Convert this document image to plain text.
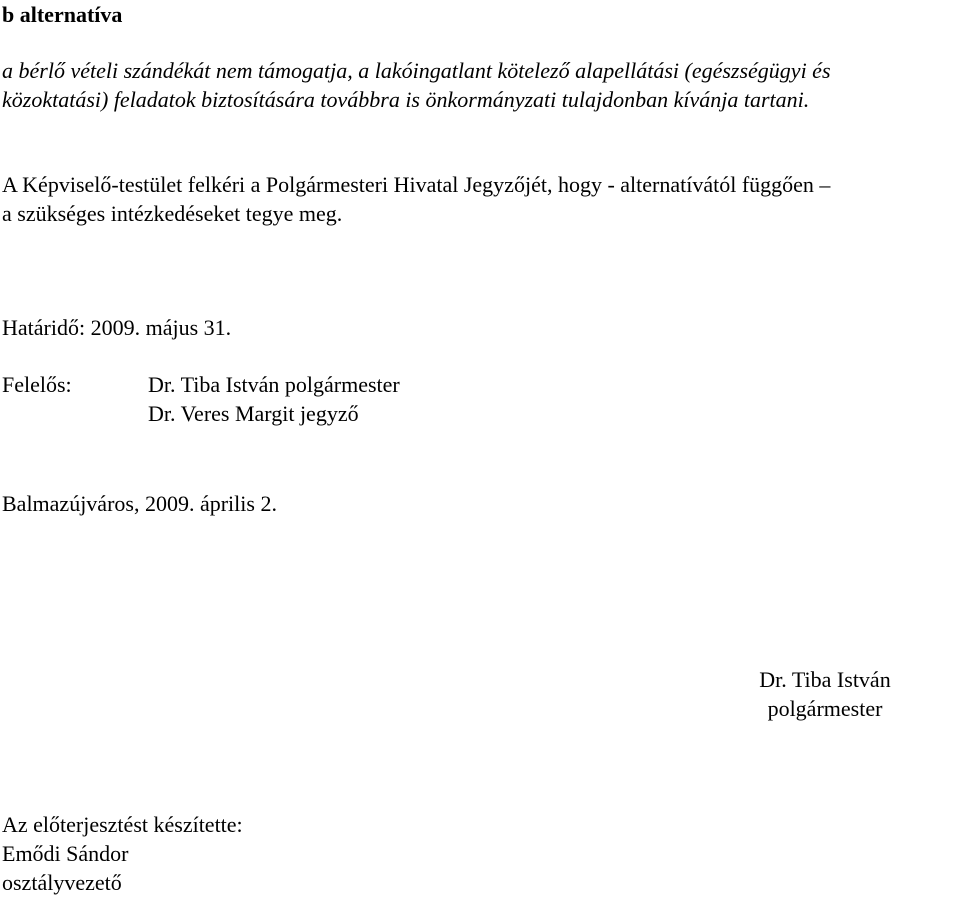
b alternatíva
a bérlő vételi szándékát nem támogatja, a lakóingatlant kötelező alapellátási (egészségügyi és
közoktatási) feladatok biztosítására továbbra is önkormányzati tulajdonban kívánja tartani.
A Képviselő-testület felkéri a Polgármesteri Hivatal Jegyzőjét, hogy - alternatívától függően –
a szükséges intézkedéseket tegye meg.
Határidő: 2009. május 31.
Felelős:	Dr. Tiba István polgármester
Dr. Veres Margit jegyző
Balmazújváros, 2009. április 2.
Dr. Tiba István
polgármester
Az előterjesztést készítette:
Emődi Sándor
osztályvezető
